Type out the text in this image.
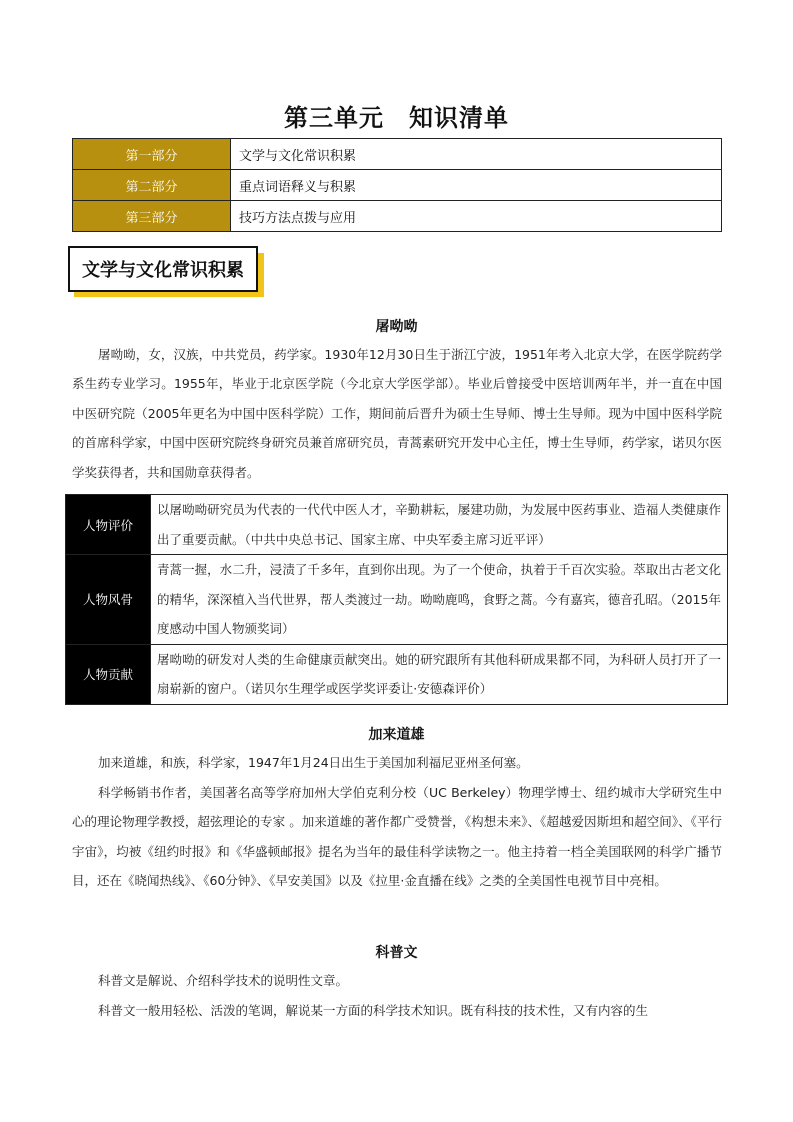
第三单元　知识清单
第一部分	文学与文化常识积累
第二部分	重点词语释义与积累
第三部分	技巧方法点拨与应用
文学与文化常识积累
屠呦呦

屠呦呦，女，汉族，中共党员，药学家。1930年12月30日生于浙江宁波，1951年考入北京大学，在医学院药学系生药专业学习。1955年，毕业于北京医学院（今北京大学医学部）。毕业后曾接受中医培训两年半，并一直在中国中医研究院（2005年更名为中国中医科学院）工作，期间前后晋升为硕士生导师、博士生导师。现为中国中医科学院的首席科学家，中国中医研究院终身研究员兼首席研究员，青蒿素研究开发中心主任，博士生导师，药学家，诺贝尔医学奖获得者，共和国勋章获得者。

人物评价	以屠呦呦研究员为代表的一代代中医人才，辛勤耕耘，屡建功勋，为发展中医药事业、造福人类健康作出了重要贡献。（中共中央总书记、国家主席、中央军委主席习近平评）
人物风骨	青蒿一握，水二升，浸渍了千多年，直到你出现。为了一个使命，执着于千百次实验。萃取出古老文化的精华，深深植入当代世界，帮人类渡过一劫。呦呦鹿鸣，食野之蒿。今有嘉宾，德音孔昭。（2015年度感动中国人物颁奖词）
人物贡献	屠呦呦的研发对人类的生命健康贡献突出。她的研究跟所有其他科研成果都不同，为科研人员打开了一扇崭新的窗户。（诺贝尔生理学或医学奖评委让·安德森评价）
加来道雄

加来道雄，和族，科学家，1947年1月24日出生于美国加利福尼亚州圣何塞。

科学畅销书作者，美国著名高等学府加州大学伯克利分校（UC Berkeley）物理学博士、纽约城市大学研究生中心的理论物理学教授，超弦理论的专家 。加来道雄的著作都广受赞誉，《构想未来》、《超越爱因斯坦和超空间》、《平行宇宙》，均被《纽约时报》和《华盛顿邮报》提名为当年的最佳科学读物之一。他主持着一档全美国联网的科学广播节目，还在《晓闻热线》、《60分钟》、《早安美国》以及《拉里·金直播在线》之类的全美国性电视节目中亮相。

科普文

科普文是解说、介绍科学技术的说明性文章。

科普文一般用轻松、活泼的笔调，解说某一方面的科学技术知识。既有科技的技术性，又有内容的生
